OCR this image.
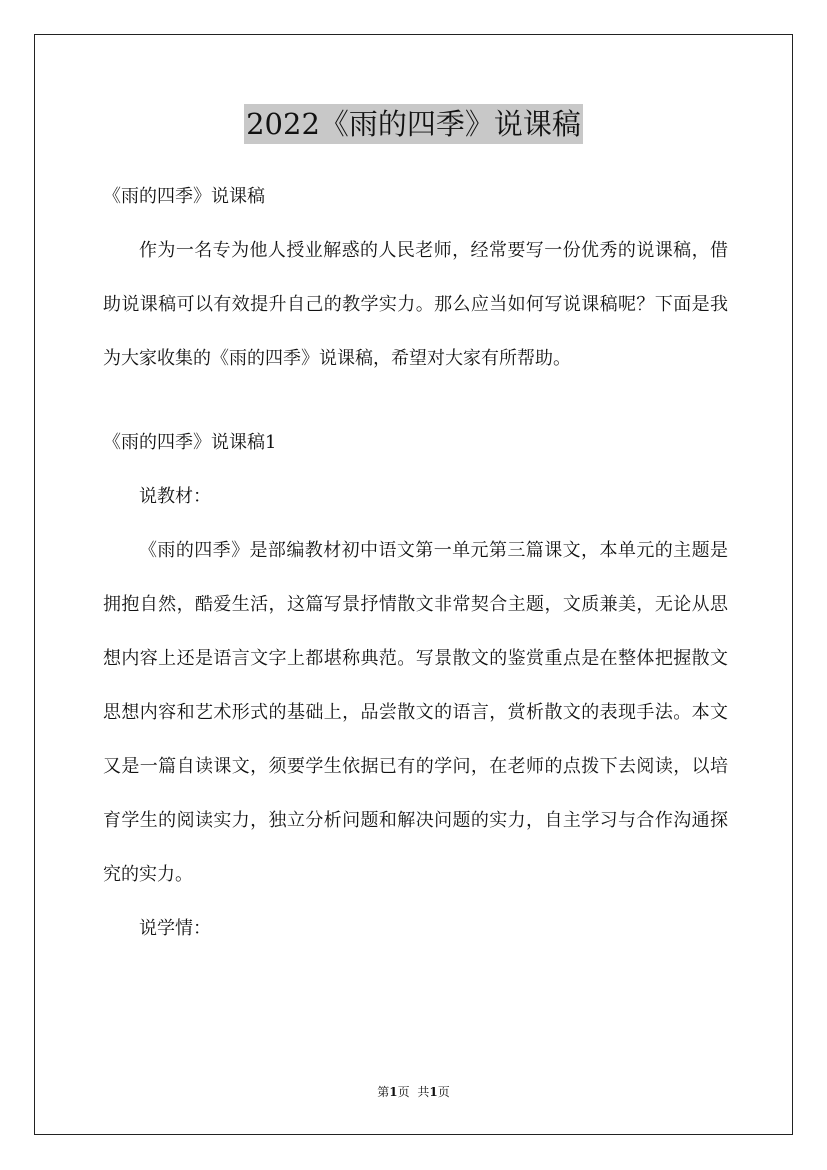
2022《雨的四季》说课稿

《雨的四季》说课稿

作为一名专为他人授业解惑的人民老师，经常要写一份优秀的说课稿，借助说课稿可以有效提升自己的教学实力。那么应当如何写说课稿呢？下面是我为大家收集的《雨的四季》说课稿，希望对大家有所帮助。

《雨的四季》说课稿1

说教材：

《雨的四季》是部编教材初中语文第一单元第三篇课文，本单元的主题是拥抱自然，酷爱生活，这篇写景抒情散文非常契合主题，文质兼美，无论从思想内容上还是语言文字上都堪称典范。写景散文的鉴赏重点是在整体把握散文思想内容和艺术形式的基础上，品尝散文的语言，赏析散文的表现手法。本文又是一篇自读课文，须要学生依据已有的学问，在老师的点拨下去阅读，以培育学生的阅读实力，独立分析问题和解决问题的实力，自主学习与合作沟通探究的实力。

说学情：

第1页 共1页
